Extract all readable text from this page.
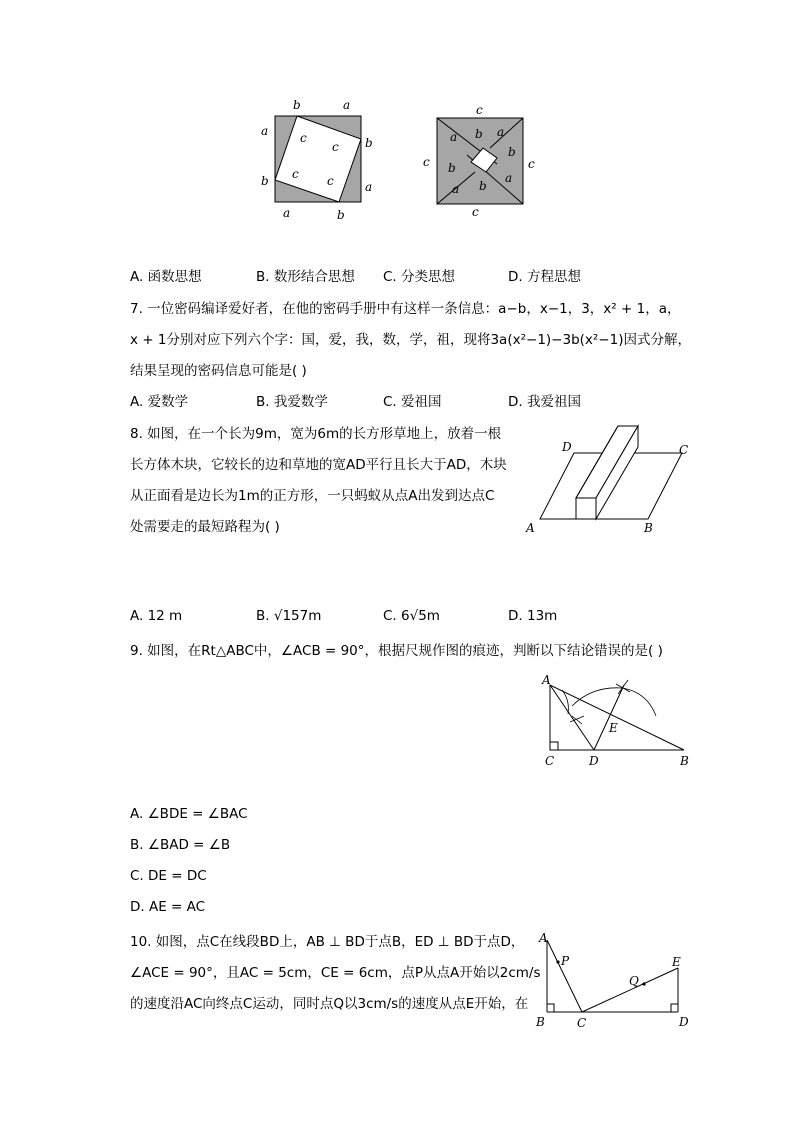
b	a
a
b
c
c
c c
b
a
a	b
c
c	c
c
a b a
b
b
a
a b
A. 函数思想	B. 数形结合思想 C. 分类思想	D. 方程思想
7. 一位密码编译爱好者，在他的密码手册中有这样一条信息：a−b，x−1，3，x² + 1，a，
x + 1分别对应下列六个字：国，爱，我，数，学，祖，现将3a(x²−1)−3b(x²−1)因式分解，
结果呈现的密码信息可能是( )
A. 爱数学	B. 我爱数学	C. 爱祖国	D. 我爱祖国
8. 如图，在一个长为9m，宽为6m的长方形草地上，放着一根
长方体木块，它较长的边和草地的宽AD平行且长大于AD，木块
从正面看是边长为1m的正方形，一只蚂蚁从点A出发到达点C
处需要走的最短路程为( )
D	C
A	B
A. 12 m	B. √157m	C. 6√5m	D. 13m
9. 如图，在Rt△ABC中，∠ACB = 90°，根据尺规作图的痕迹，判断以下结论错误的是( )
A
C	D	B
E
A. ∠BDE = ∠BAC
B. ∠BAD = ∠B
C. DE = DC
D. AE = AC
10. 如图，点C在线段BD上，AB ⊥ BD于点B，ED ⊥ BD于点D，
∠ACE = 90°，且AC = 5cm，CE = 6cm，点P从点A开始以2cm/s
的速度沿AC向终点C运动，同时点Q以3cm/s的速度从点E开始，在
A
P
Q
E
B	C	D
